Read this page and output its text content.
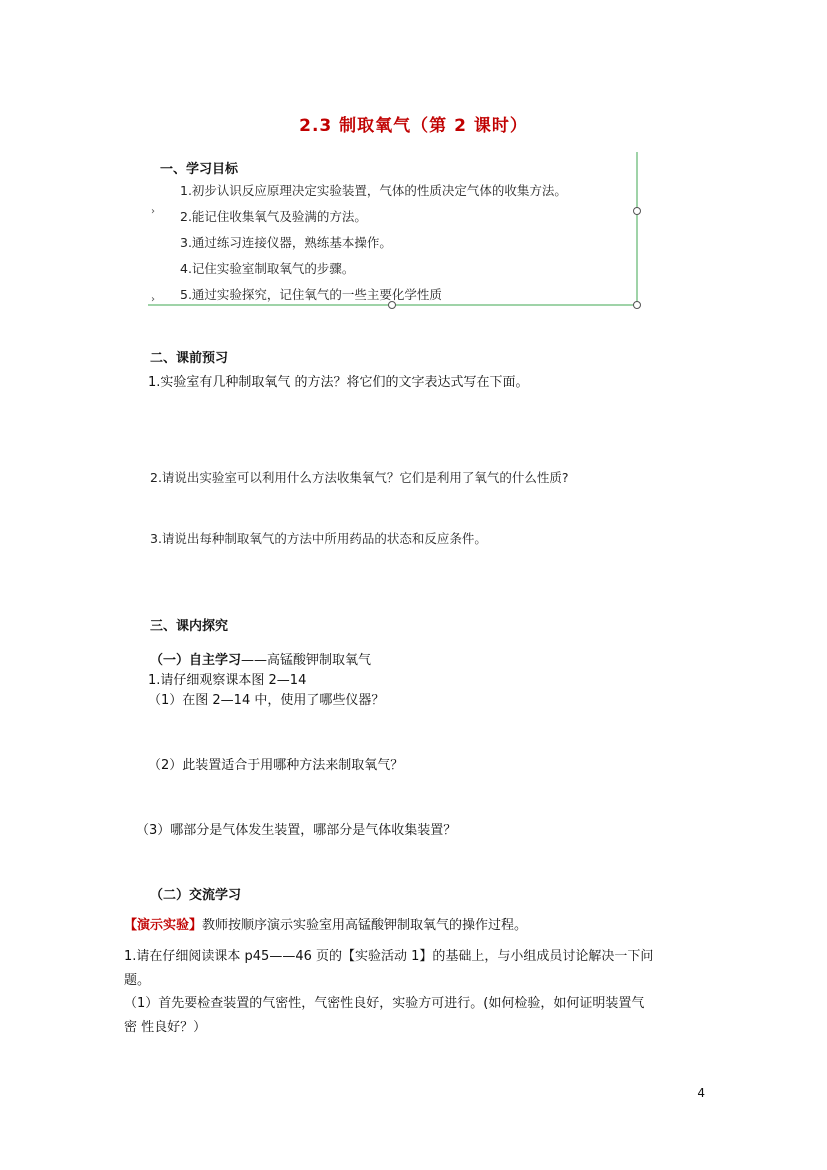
2.3 制取氧气（第 2 课时）
›
›
一、学习目标
1.初步认识反应原理决定实验装置，气体的性质决定气体的收集方法。
2.能记住收集氧气及验满的方法。
3.通过练习连接仪器，熟练基本操作。
4.记住实验室制取氧气的步骤。
5.通过实验探究，记住氧气的一些主要化学性质
二、课前预习
1.实验室有几种制取氧气 的方法？将它们的文字表达式写在下面。
2.请说出实验室可以利用什么方法收集氧气？它们是利用了氧气的什么性质?
3.请说出每种制取氧气的方法中所用药品的状态和反应条件。
三、课内探究
（一）自主学习——高锰酸钾制取氧气
1.请仔细观察课本图 2—14
（1）在图 2—14 中，使用了哪些仪器？
（2）此装置适合于用哪种方法来制取氧气？
（3）哪部分是气体发生装置，哪部分是气体收集装置？
（二）交流学习
【演示实验】教师按顺序演示实验室用高锰酸钾制取氧气的操作过程。
1.请在仔细阅读课本 p45——46 页的【实验活动 1】的基础上，与小组成员讨论解决一下问
题。
（1）首先要检查装置的气密性，气密性良好，实验方可进行。(如何检验，如何证明装置气
密 性良好？）
4
